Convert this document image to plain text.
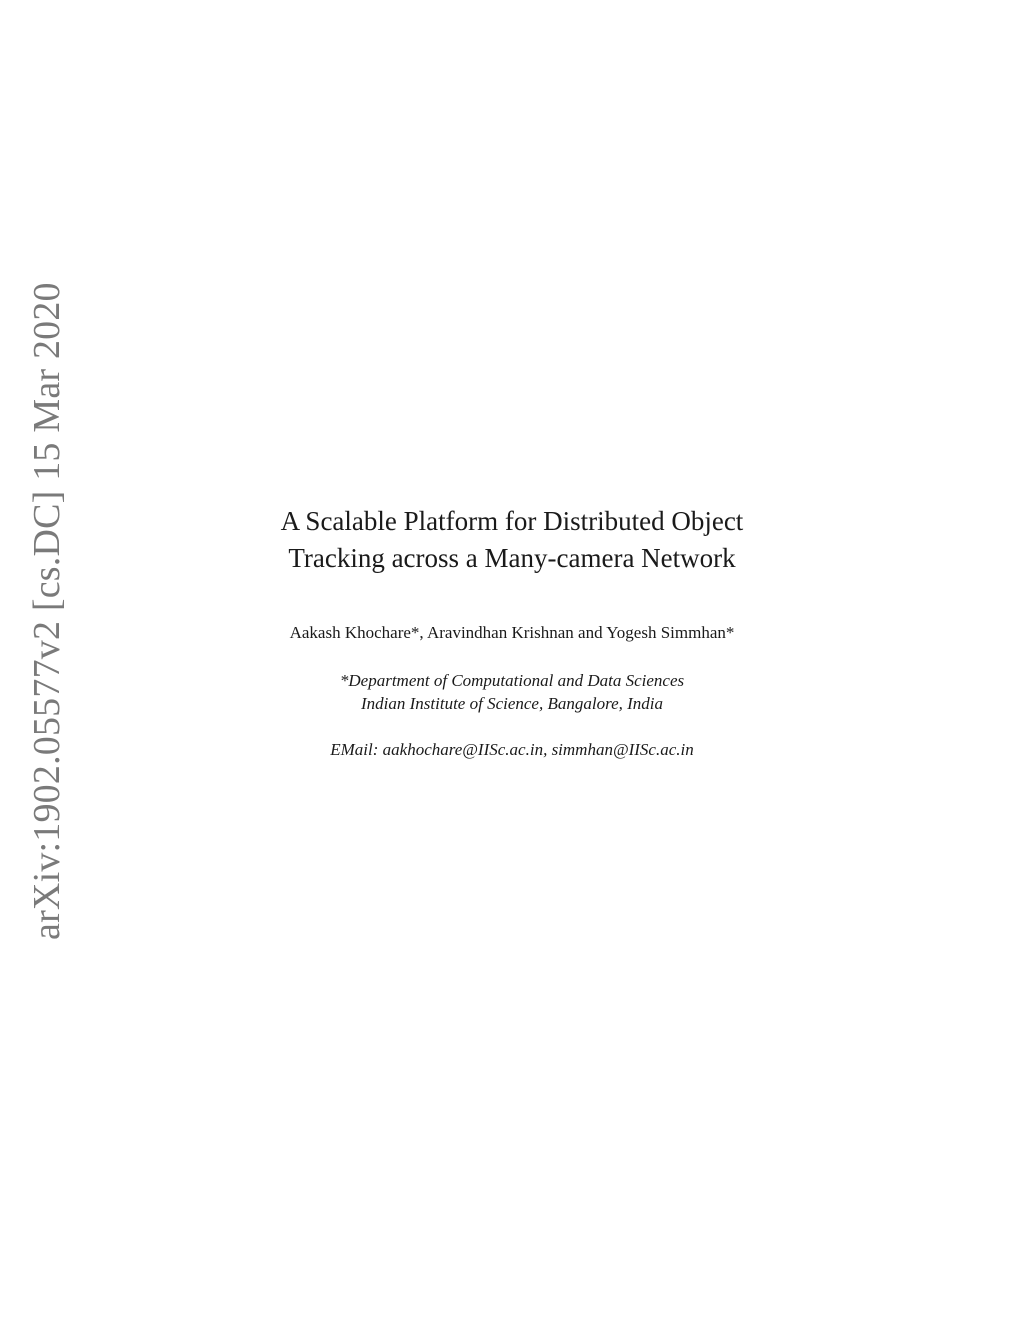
arXiv:1902.05577v2 [cs.DC] 15 Mar 2020	A Scalable Platform for Distributed Object
Tracking across a Many-camera Network
Aakash Khochare*, Aravindhan Krishnan and Yogesh Simmhan*
*Department of Computational and Data Sciences
Indian Institute of Science, Bangalore, India
EMail: aakhochare@IISc.ac.in, simmhan@IISc.ac.in
